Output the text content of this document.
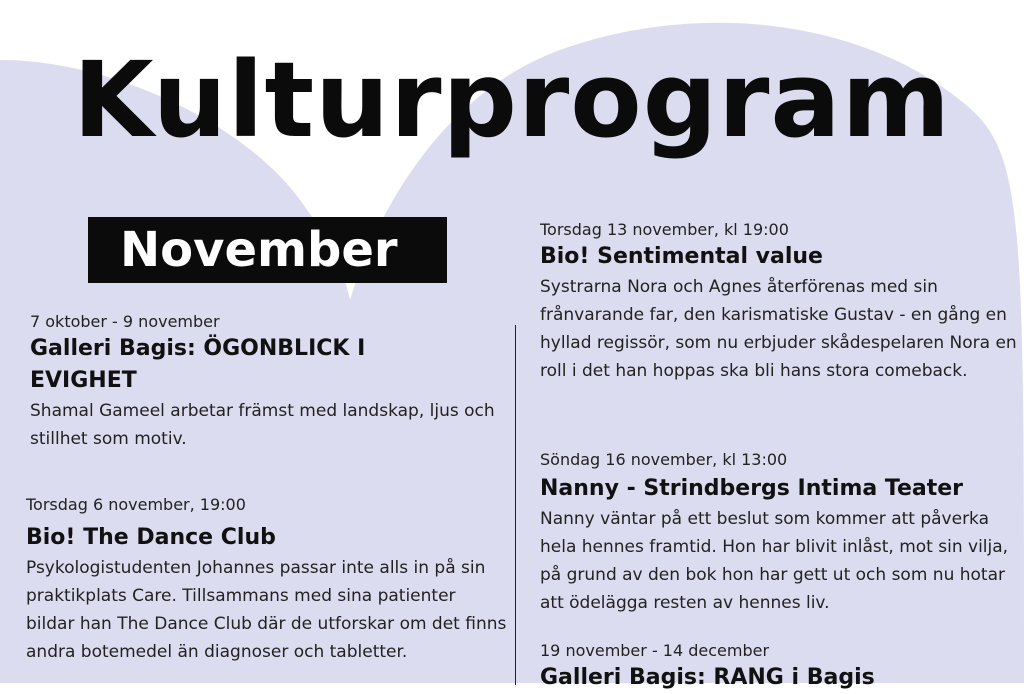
Kulturprogram
November
7 oktober - 9 november
Galleri Bagis: ÖGONBLICK I EVIGHET
Shamal Gameel arbetar främst med landskap, ljus och stillhet som motiv.
Torsdag 6 november, 19:00
Bio! The Dance Club
Psykologistudenten Johannes passar inte alls in på sin praktikplats Care. Tillsammans med sina patienter bildar han The Dance Club där de utforskar om det finns andra botemedel än diagnoser och tabletter.
Torsdag 13 november, kl 19:00
Bio! Sentimental value
Systrarna Nora och Agnes återförenas med sin frånvarande far, den karismatiske Gustav - en gång en hyllad regissör, som nu erbjuder skådespelaren Nora en roll i det han hoppas ska bli hans stora comeback.
Söndag 16 november, kl 13:00
Nanny - Strindbergs Intima Teater
Nanny väntar på ett beslut som kommer att påverka hela hennes framtid. Hon har blivit inlåst, mot sin vilja, på grund av den bok hon har gett ut och som nu hotar att ödelägga resten av hennes liv.
19 november - 14 december
Galleri Bagis: RANG i Bagis
